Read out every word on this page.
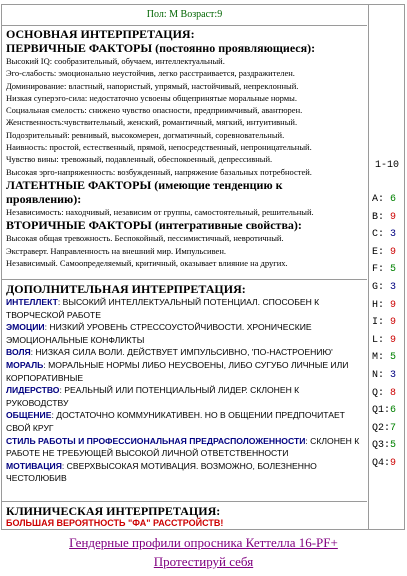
Пол: М Возраст:9
ОСНОВНАЯ ИНТЕРПРЕТАЦИЯ:
ПЕРВИЧНЫЕ ФАКТОРЫ (постоянно проявляющиеся):
Высокий IQ: сообразительный, обучаем, интеллектуальный.
Эго-слабость: эмоционально неустойчив, легко расстраивается, раздражителен.
Доминирование: властный, напористый, упрямый, настойчивый, непреклонный.
Низкая суперэго-сила: недостаточно усвоены общепринятые моральные нормы.
Социальная смелость: снижено чувство опасности, предприимчивый, авантюрен.
Женственность:чувствительный, женский, романтичный, мягкий, интуитивный.
Подозрительный: ревнивый, высокомерен, догматичный, соревновательный.
Наивность: простой, естественный, прямой, непосредственный, непроницательный.
Чувство вины: тревожный, подавленный, обеспокоенный, депрессивный.
Высокая эрго-напряженность: возбужденный, напряжение базальных потребностей.
ЛАТЕНТНЫЕ ФАКТОРЫ (имеющие тенденцию к
проявлению):
Независимость: находчивый, независим от группы, самостоятельный, решительный.
ВТОРИЧНЫЕ ФАКТОРЫ (интегративные свойства):
Высокая общая тревожность. Беспокойный, пессимистичный, невротичный.
Экстраверт. Направленность на внешний мир. Импульсивен.
Независимый. Самоопределяемый, критичный, оказывает влияние на других.
ДОПОЛНИТЕЛЬНАЯ ИНТЕРПРЕТАЦИЯ:
ИНТЕЛЛЕКТ: ВЫСОКИЙ ИНТЕЛЛЕКТУАЛЬНЫЙ ПОТЕНЦИАЛ. СПОСОБЕН К ТВОРЧЕСКОЙ РАБОТЕ
ЭМОЦИИ: НИЗКИЙ УРОВЕНЬ СТРЕССОУСТОЙЧИВОСТИ. ХРОНИЧЕСКИЕ ЭМОЦИОНАЛЬНЫЕ КОНФЛИКТЫ
ВОЛЯ: НИЗКАЯ СИЛА ВОЛИ. ДЕЙСТВУЕТ ИМПУЛЬСИВНО, 'ПО-НАСТРОЕНИЮ'
МОРАЛЬ: МОРАЛЬНЫЕ НОРМЫ ЛИБО НЕУСВОЕНЫ, ЛИБО СУГУБО ЛИЧНЫЕ ИЛИ КОРПОРАТИВНЫЕ
ЛИДЕРСТВО: РЕАЛЬНЫЙ ИЛИ ПОТЕНЦИАЛЬНЫЙ ЛИДЕР. СКЛОНЕН К РУКОВОДСТВУ
ОБЩЕНИЕ: ДОСТАТОЧНО КОММУНИКАТИВЕН. НО В ОБЩЕНИИ ПРЕДПОЧИТАЕТ СВОЙ КРУГ
СТИЛЬ РАБОТЫ И ПРОФЕССИОНАЛЬНАЯ ПРЕДРАСПОЛОЖЕННОСТИ: СКЛОНЕН К РАБОТЕ НЕ ТРЕБУЮЩЕЙ ВЫСОКОЙ ЛИЧНОЙ ОТВЕТСТВЕННОСТИ
МОТИВАЦИЯ: СВЕРХВЫСОКАЯ МОТИВАЦИЯ. ВОЗМОЖНО, БОЛЕЗНЕННО ЧЕСТОЛЮБИВ
КЛИНИЧЕСКАЯ ИНТЕРПРЕТАЦИЯ:
БОЛЬШАЯ ВЕРОЯТНОСТЬ "ФА" РАССТРОЙСТВ!
1-10
A: 6
B: 9
C: 3
E: 9
F: 5
G: 3
H: 9
I: 9
L: 9
M: 5
N: 3
Q: 8
Q1:6
Q2:7
Q3:5
Q4:9
Гендерные профили опросника Кеттелла 16-PF+
Протестируй себя
